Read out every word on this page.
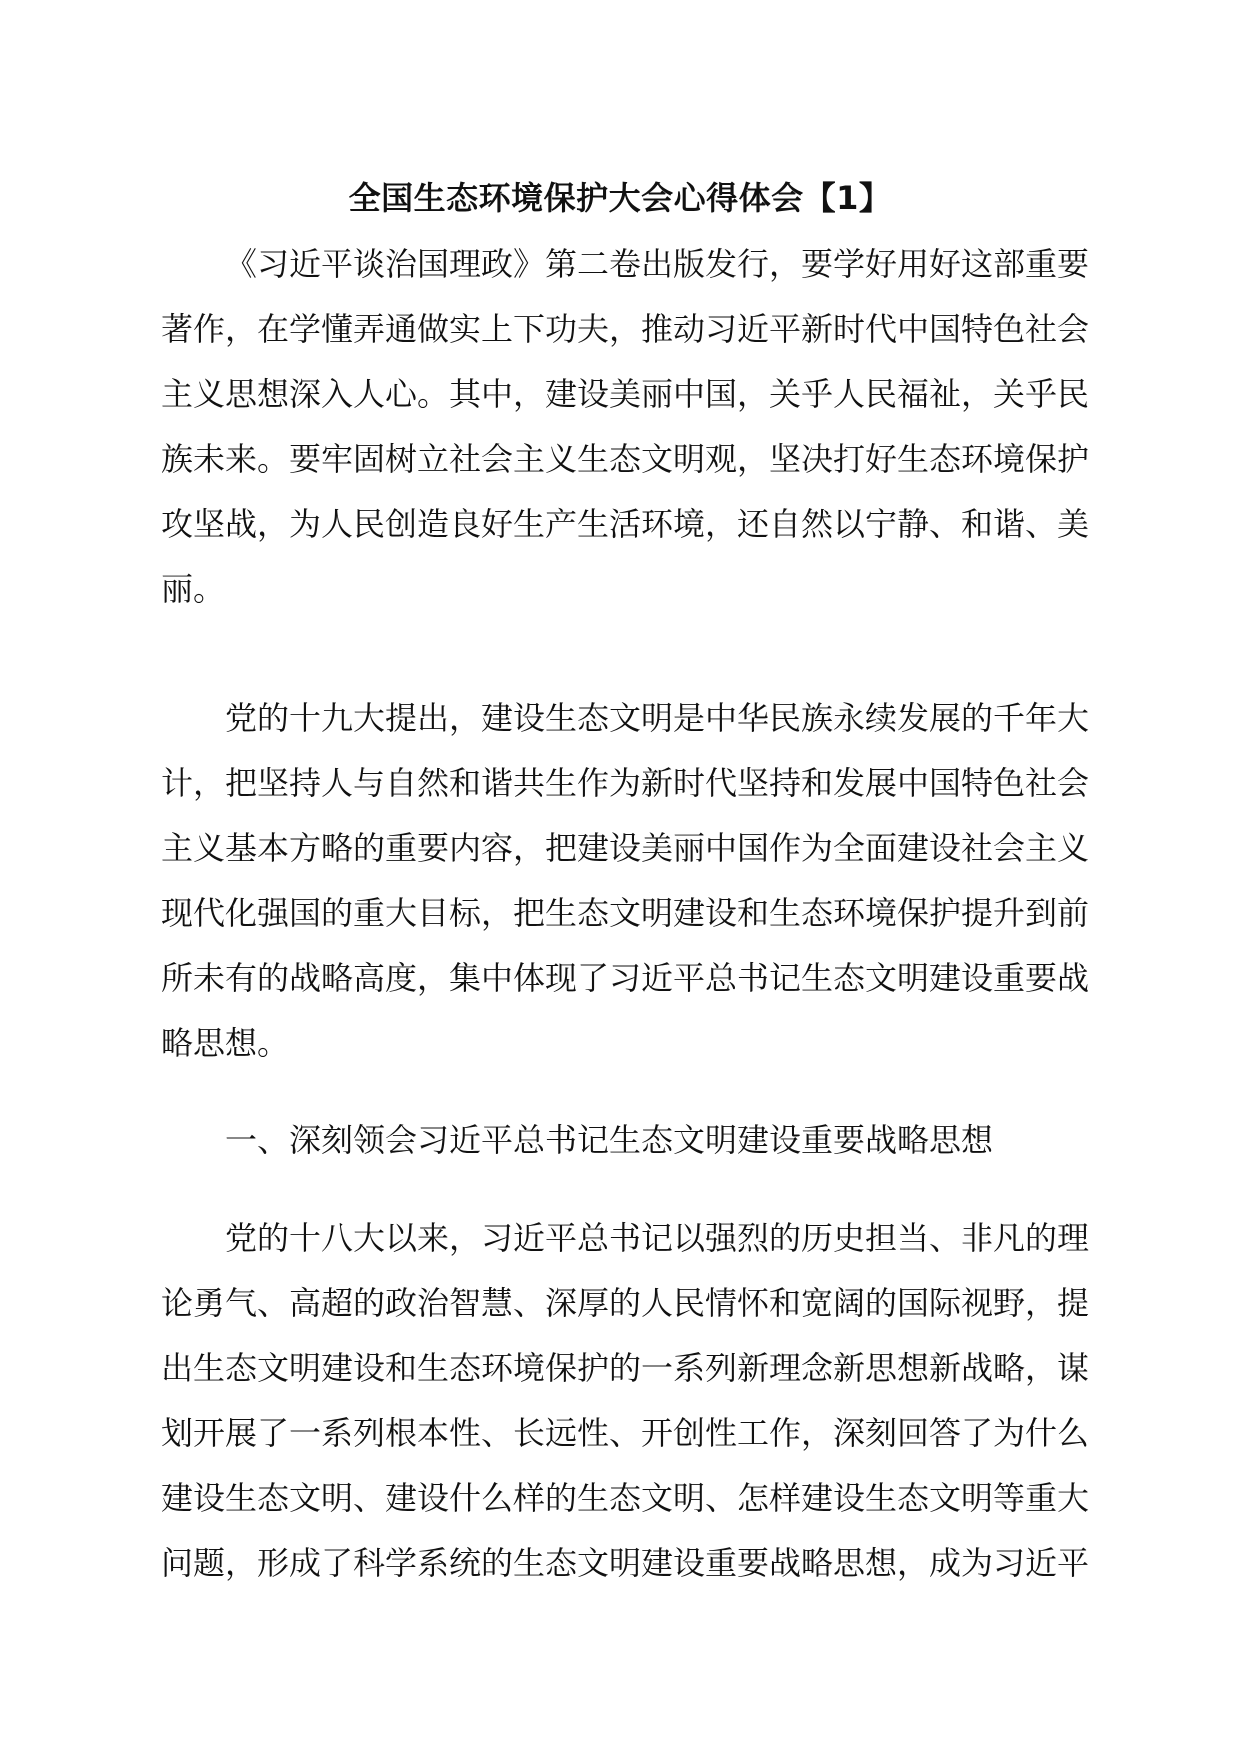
全国生态环境保护大会心得体会【1】

《习近平谈治国理政》第二卷出版发行，要学好用好这部重要
著作，在学懂弄通做实上下功夫，推动习近平新时代中国特色社会
主义思想深入人心。其中，建设美丽中国，关乎人民福祉，关乎民
族未来。要牢固树立社会主义生态文明观，坚决打好生态环境保护
攻坚战，为人民创造良好生产生活环境，还自然以宁静、和谐、美
丽。

党的十九大提出，建设生态文明是中华民族永续发展的千年大
计，把坚持人与自然和谐共生作为新时代坚持和发展中国特色社会
主义基本方略的重要内容，把建设美丽中国作为全面建设社会主义
现代化强国的重大目标，把生态文明建设和生态环境保护提升到前
所未有的战略高度，集中体现了习近平总书记生态文明建设重要战
略思想。

一、深刻领会习近平总书记生态文明建设重要战略思想

党的十八大以来，习近平总书记以强烈的历史担当、非凡的理
论勇气、高超的政治智慧、深厚的人民情怀和宽阔的国际视野，提
出生态文明建设和生态环境保护的一系列新理念新思想新战略，谋
划开展了一系列根本性、长远性、开创性工作，深刻回答了为什么
建设生态文明、建设什么样的生态文明、怎样建设生态文明等重大
问题，形成了科学系统的生态文明建设重要战略思想，成为习近平
